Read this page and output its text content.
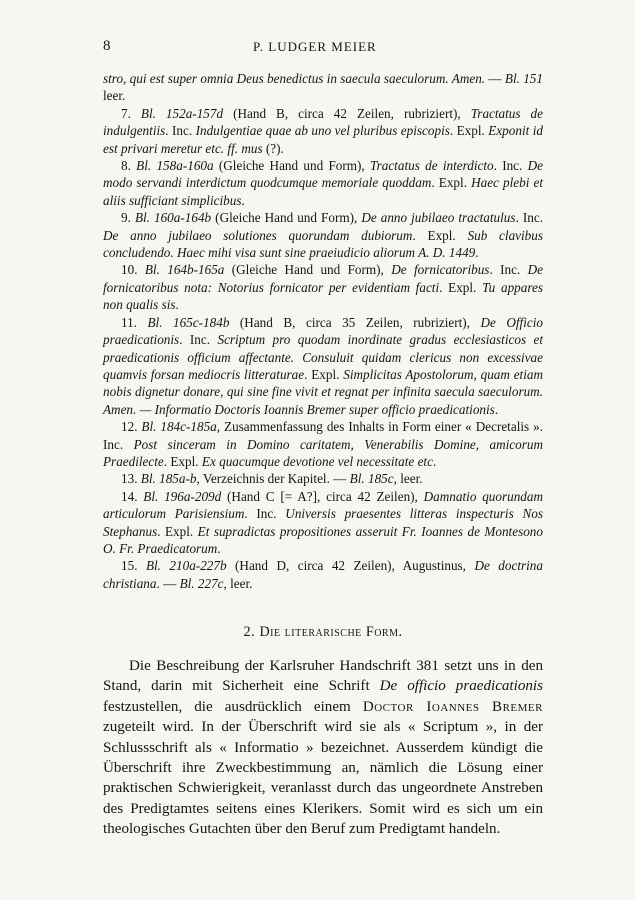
8	P. LUDGER MEIER

stro, qui est super omnia Deus benedictus in saecula saeculorum. Amen. — Bl. 151 leer.

7. Bl. 152a-157d (Hand B, circa 42 Zeilen, rubriziert), Tractatus de indulgentiis. Inc. Indulgentiae quae ab uno vel pluribus episcopis. Expl. Exponit id est privari meretur etc. ff. mus (?).

8. Bl. 158a-160a (Gleiche Hand und Form), Tractatus de interdicto. Inc. De modo servandi interdictum quodcumque memoriale quoddam. Expl. Haec plebi et aliis sufficiant simplicibus.

9. Bl. 160a-164b (Gleiche Hand und Form), De anno jubilaeo tractatulus. Inc. De anno jubilaeo solutiones quorundam dubiorum. Expl. Sub clavibus concludendo. Haec mihi visa sunt sine praeiudicio aliorum A. D. 1449.

10. Bl. 164b-165a (Gleiche Hand und Form), De fornicatoribus. Inc. De fornicatoribus nota: Notorius fornicator per evidentiam facti. Expl. Tu appares non qualis sis.

11. Bl. 165c-184b (Hand B, circa 35 Zeilen, rubriziert), De Officio praedicationis. Inc. Scriptum pro quodam inordinate gradus ecclesiasticos et praedicationis officium affectante. Consuluit quidam clericus non excessivae quamvis forsan mediocris litteraturae. Expl. Simplicitas Apostolorum, quam etiam nobis dignetur donare, qui sine fine vivit et regnat per infinita saecula saeculorum. Amen. — Informatio Doctoris Ioannis Bremer super officio praedicationis.

12. Bl. 184c-185a, Zusammenfassung des Inhalts in Form einer « Decretalis ». Inc. Post sinceram in Domino caritatem, Venerabilis Domine, amicorum Praedilecte. Expl. Ex quacumque devotione vel necessitate etc.

13. Bl. 185a-b, Verzeichnis der Kapitel. — Bl. 185c, leer.

14. Bl. 196a-209d (Hand C [= A?], circa 42 Zeilen), Damnatio quorundam articulorum Parisiensium. Inc. Universis praesentes litteras inspecturis Nos Stephanus. Expl. Et supradictas propositiones asseruit Fr. Ioannes de Montesono O. Fr. Praedicatorum.

15. Bl. 210a-227b (Hand D, circa 42 Zeilen), Augustinus, De doctrina christiana. — Bl. 227c, leer.

2. Die literarische Form.

Die Beschreibung der Karlsruher Handschrift 381 setzt uns in den Stand, darin mit Sicherheit eine Schrift De officio praedicationis festzustellen, die ausdrücklich einem Doctor Ioannes Bremer zugeteilt wird. In der Überschrift wird sie als « Scriptum », in der Schlussschrift als « Informatio » bezeichnet. Ausserdem kündigt die Überschrift ihre Zweckbestimmung an, nämlich die Lösung einer praktischen Schwierigkeit, veranlasst durch das ungeordnete Anstreben des Predigtamtes seitens eines Klerikers. Somit wird es sich um ein theologisches Gutachten über den Beruf zum Predigtamt handeln.
